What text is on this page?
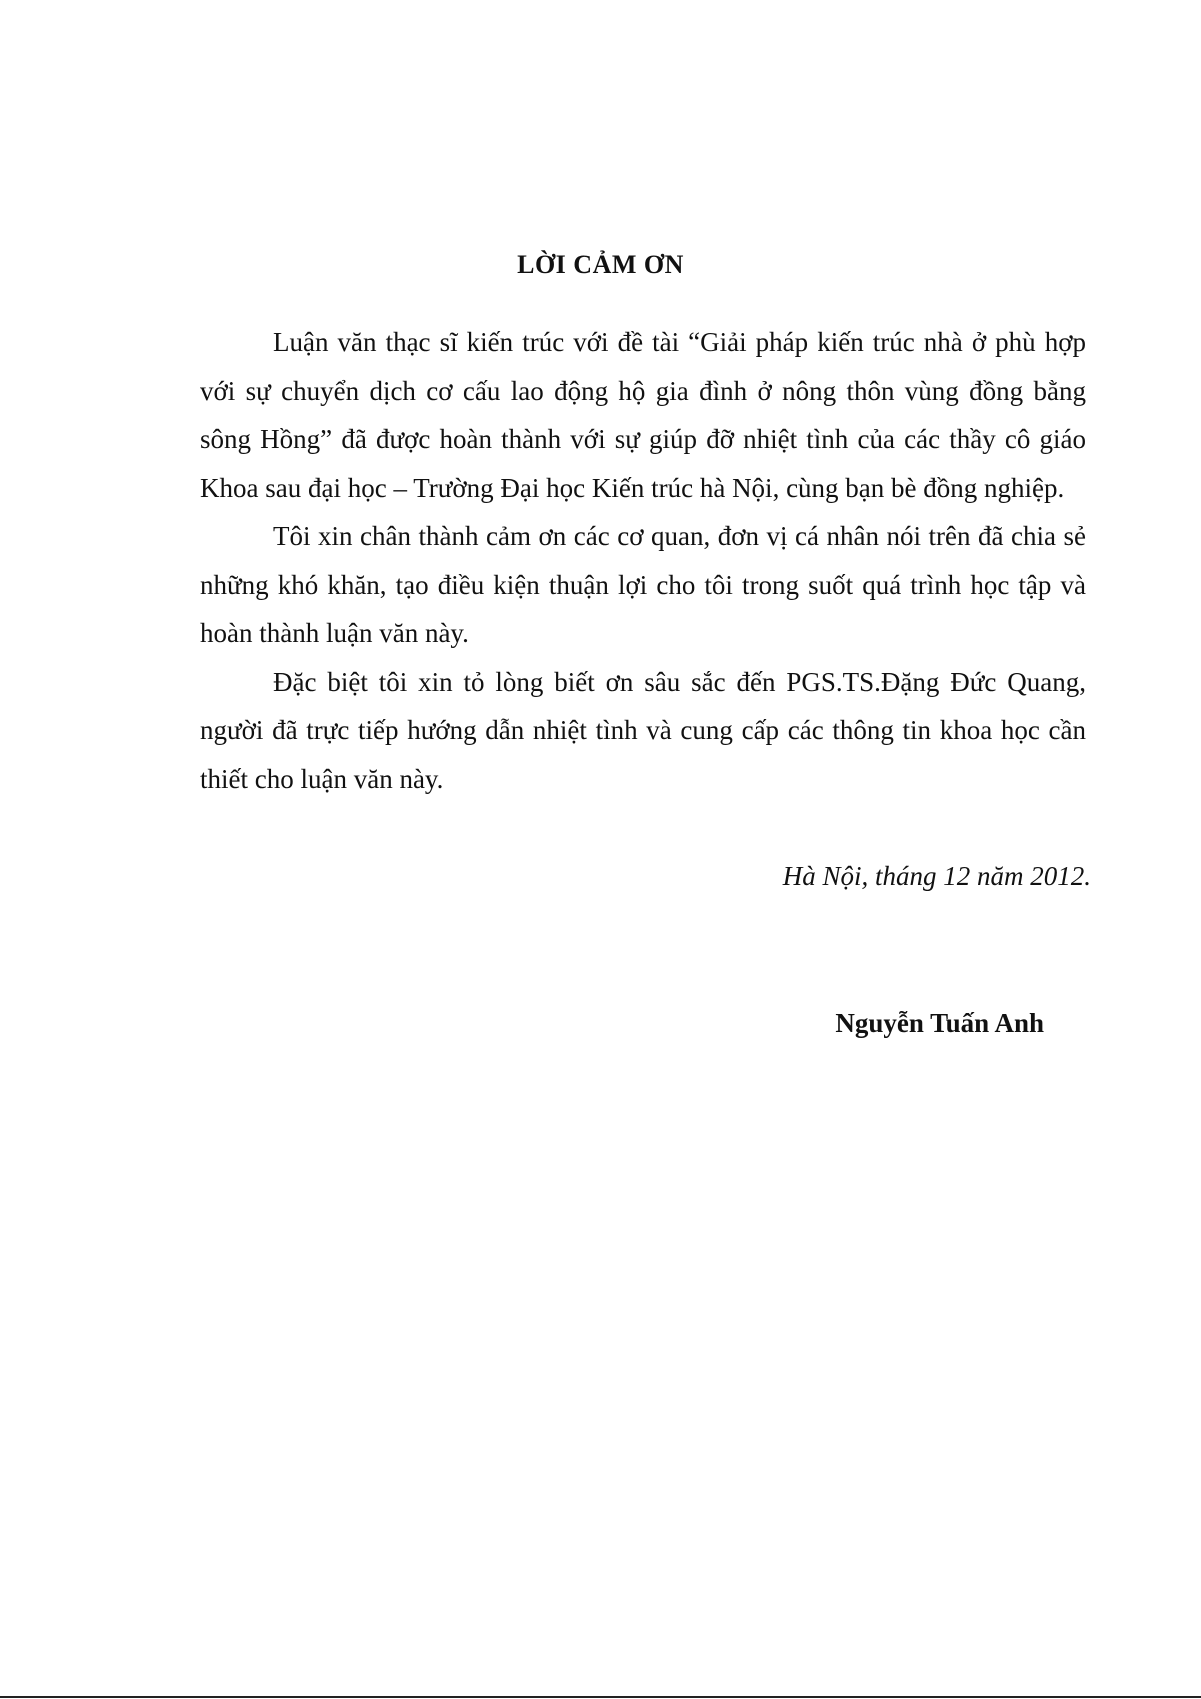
LỜI CẢM ƠN

Luận văn thạc sĩ kiến trúc với đề tài “Giải pháp kiến trúc nhà ở phù hợp với sự chuyển dịch cơ cấu lao động hộ gia đình ở nông thôn vùng đồng bằng sông Hồng” đã được hoàn thành với sự giúp đỡ nhiệt tình của các thầy cô giáo Khoa sau đại học – Trường Đại học Kiến trúc hà Nội, cùng bạn bè đồng nghiệp.

Tôi xin chân thành cảm ơn các cơ quan, đơn vị cá nhân nói trên đã chia sẻ những khó khăn, tạo điều kiện thuận lợi cho tôi trong suốt quá trình học tập và hoàn thành luận văn này.

Đặc biệt tôi xin tỏ lòng biết ơn sâu sắc đến PGS.TS.Đặng Đức Quang, người đã trực tiếp hướng dẫn nhiệt tình và cung cấp các thông tin khoa học cần thiết cho luận văn này.

Hà Nội, tháng 12 năm 2012.
Nguyễn Tuấn Anh
